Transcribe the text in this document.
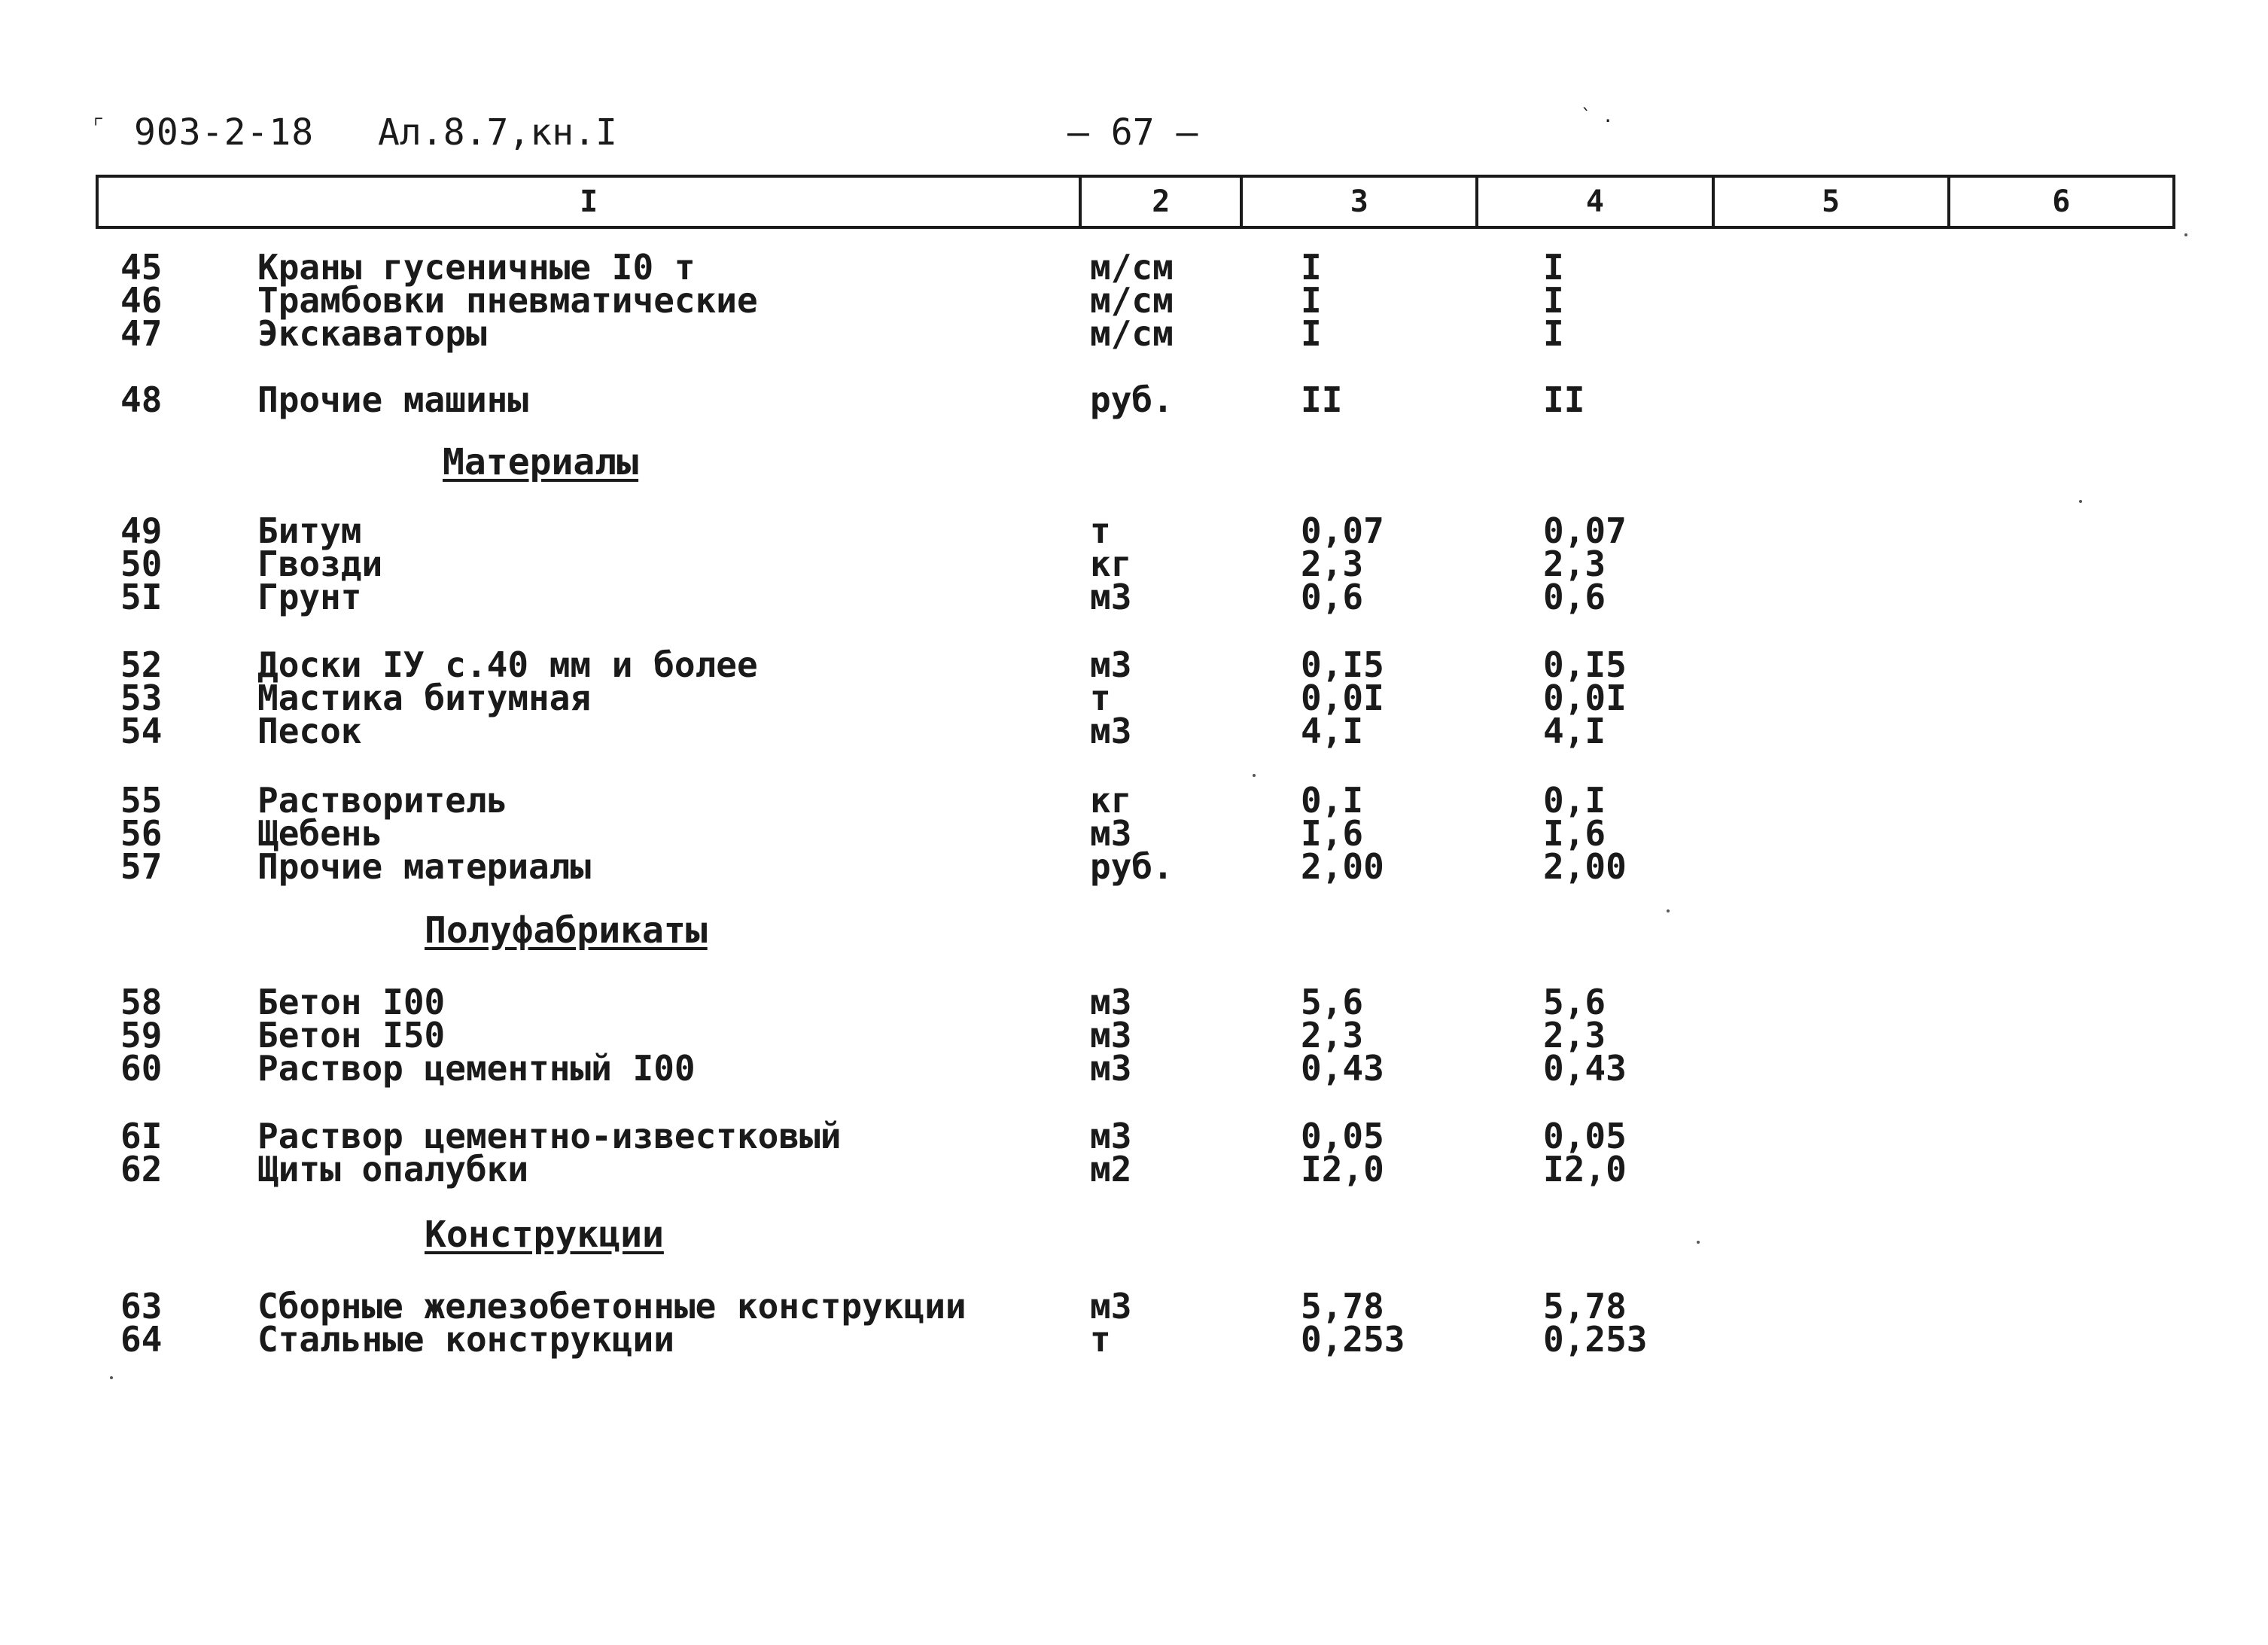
⌜ 903-2-18 Ал.8.7,кн.I	— 67 —	` .
I	2	3	4	5	6
45	Краны гусеничные I0 т	м/см	I	I
46	Трамбовки пневматические	м/см	I	I
47	Экскаваторы	м/см	I	I
48	Прочие машины	руб.	II	II
Материалы
49	Битум	т	0,07	0,07
50	Гвозди	кг	2,3	2,3
5I	Грунт	м3	0,6	0,6
52	Доски IУ с.40 мм и более	м3	0,I5	0,I5
53	Мастика битумная	т	0,0I	0,0I
54	Песок	м3	4,I	4,I
55	Растворитель	кг	0,I	0,I
56	Щебень	м3	I,6	I,6
57	Прочие материалы	руб.	2,00	2,00
Полуфабрикаты
58	Бетон I00	м3	5,6	5,6
59	Бетон I50	м3	2,3	2,3
60	Раствор цементный I00	м3	0,43	0,43
6I	Раствор цементно-известковый	м3	0,05	0,05
62	Щиты опалубки	м2	I2,0	I2,0
Конструкции
63	Сборные железобетонные конструкции	м3	5,78	5,78
64	Стальные конструкции	т	0,253	0,253
